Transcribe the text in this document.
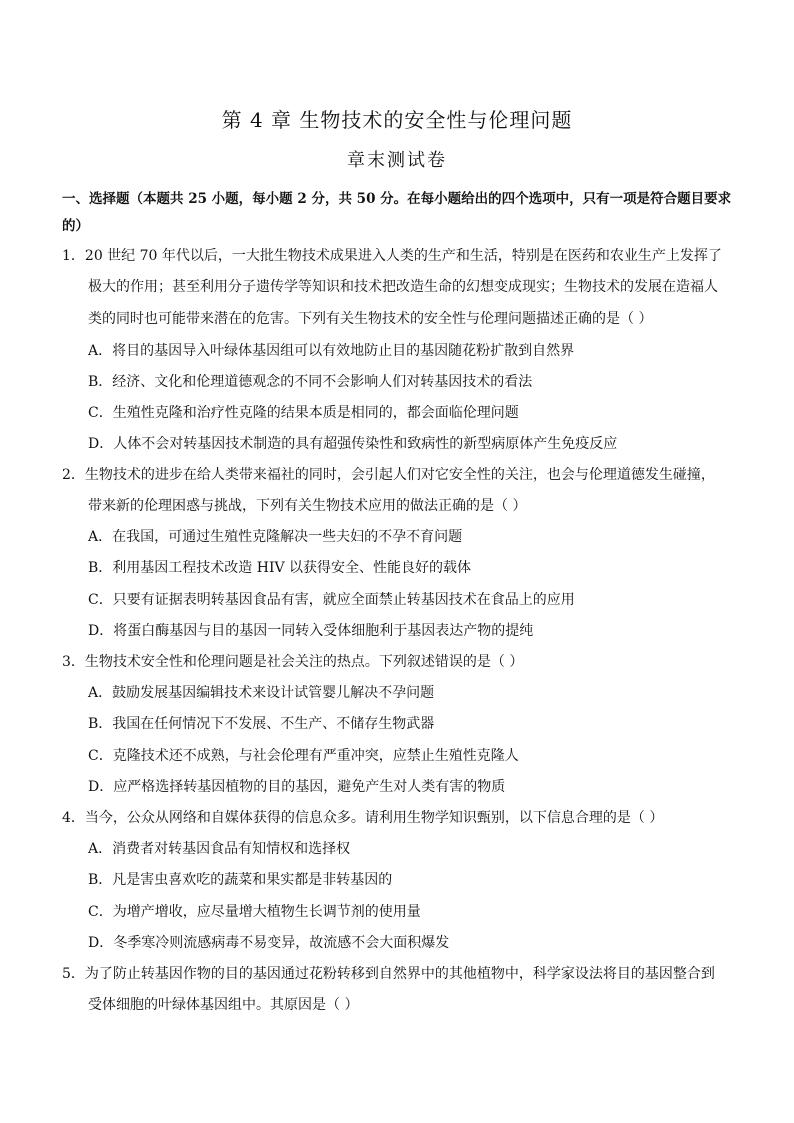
第 4 章 生物技术的安全性与伦理问题
章末测试卷
一、选择题（本题共 25 小题，每小题 2 分，共 50 分。在每小题给出的四个选项中，只有一项是符合题目要求的）
1．20 世纪 70 年代以后，一大批生物技术成果进入人类的生产和生活，特别是在医药和农业生产上发挥了
极大的作用；甚至利用分子遗传学等知识和技术把改造生命的幻想变成现实；生物技术的发展在造福人
类的同时也可能带来潜在的危害。下列有关生物技术的安全性与伦理问题描述正确的是（ ）
A．将目的基因导入叶绿体基因组可以有效地防止目的基因随花粉扩散到自然界
B．经济、文化和伦理道德观念的不同不会影响人们对转基因技术的看法
C．生殖性克隆和治疗性克隆的结果本质是相同的，都会面临伦理问题
D．人体不会对转基因技术制造的具有超强传染性和致病性的新型病原体产生免疫反应
2．生物技术的进步在给人类带来福社的同时，会引起人们对它安全性的关注，也会与伦理道德发生碰撞，
带来新的伦理困惑与挑战，下列有关生物技术应用的做法正确的是（ ）
A．在我国，可通过生殖性克隆解决一些夫妇的不孕不育问题
B．利用基因工程技术改造 HIV 以获得安全、性能良好的载体
C．只要有证据表明转基因食品有害，就应全面禁止转基因技术在食品上的应用
D．将蛋白酶基因与目的基因一同转入受体细胞利于基因表达产物的提纯
3．生物技术安全性和伦理问题是社会关注的热点。下列叙述错误的是（ ）
A．鼓励发展基因编辑技术来设计试管婴儿解决不孕问题
B．我国在任何情况下不发展、不生产、不储存生物武器
C．克隆技术还不成熟，与社会伦理有严重冲突，应禁止生殖性克隆人
D．应严格选择转基因植物的目的基因，避免产生对人类有害的物质
4．当今，公众从网络和自媒体获得的信息众多。请利用生物学知识甄别，以下信息合理的是（ ）
A．消费者对转基因食品有知情权和选择权
B．凡是害虫喜欢吃的蔬菜和果实都是非转基因的
C．为增产增收，应尽量增大植物生长调节剂的使用量
D．冬季寒冷则流感病毒不易变异，故流感不会大面积爆发
5．为了防止转基因作物的目的基因通过花粉转移到自然界中的其他植物中，科学家设法将目的基因整合到
受体细胞的叶绿体基因组中。其原因是（ ）
